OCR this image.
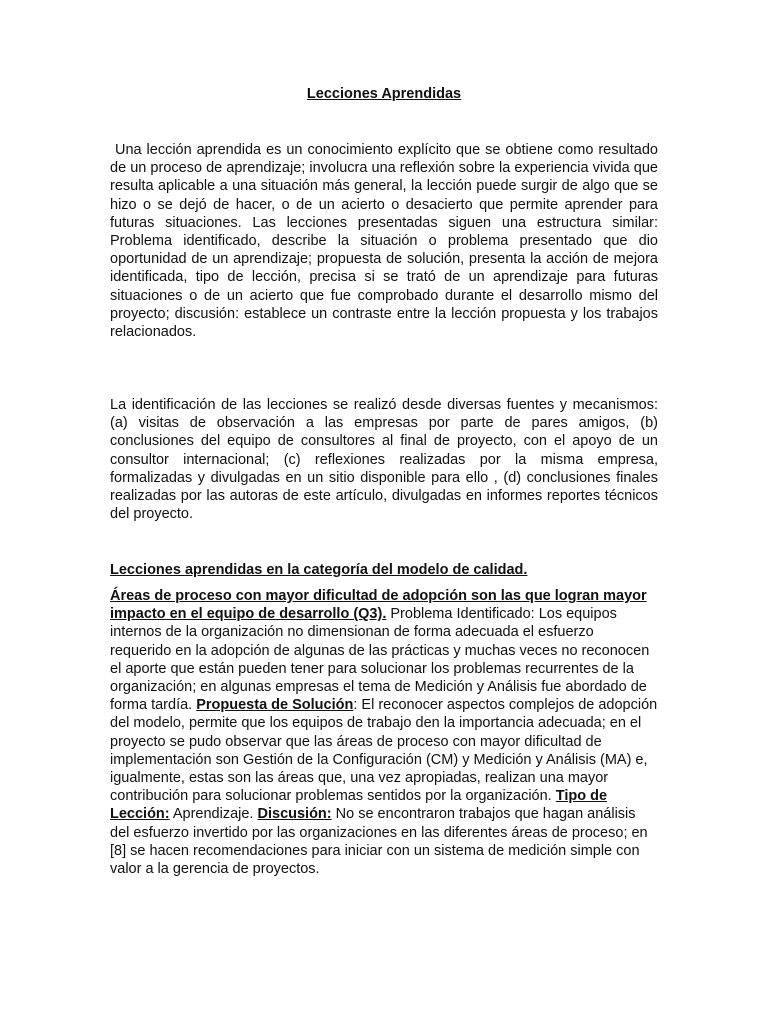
Lecciones Aprendidas
Una lección aprendida es un conocimiento explícito que se obtiene como resultado de un proceso de aprendizaje; involucra una reflexión sobre la experiencia vivida que resulta aplicable a una situación más general, la lección puede surgir de algo que se hizo o se dejó de hacer, o de un acierto o desacierto que permite aprender para futuras situaciones. Las lecciones presentadas siguen una estructura similar: Problema identificado, describe la situación o problema presentado que dio oportunidad de un aprendizaje; propuesta de solución, presenta la acción de mejora identificada, tipo de lección, precisa si se trató de un aprendizaje para futuras situaciones o de un acierto que fue comprobado durante el desarrollo mismo del proyecto; discusión: establece un contraste entre la lección propuesta y los trabajos relacionados.
La identificación de las lecciones se realizó desde diversas fuentes y mecanismos: (a) visitas de observación a las empresas por parte de pares amigos, (b) conclusiones del equipo de consultores al final de proyecto, con el apoyo de un consultor internacional; (c) reflexiones realizadas por la misma empresa, formalizadas y divulgadas en un sitio disponible para ello , (d) conclusiones finales realizadas por las autoras de este artículo, divulgadas en informes reportes técnicos del proyecto.
Lecciones aprendidas en la categoría del modelo de calidad.
Áreas de proceso con mayor dificultad de adopción son las que logran mayor impacto en el equipo de desarrollo (Q3). Problema Identificado: Los equipos internos de la organización no dimensionan de forma adecuada el esfuerzo requerido en la adopción de algunas de las prácticas y muchas veces no reconocen el aporte que están pueden tener para solucionar los problemas recurrentes de la organización; en algunas empresas el tema de Medición y Análisis fue abordado de forma tardía. Propuesta de Solución: El reconocer aspectos complejos de adopción del modelo, permite que los equipos de trabajo den la importancia adecuada; en el proyecto se pudo observar que las áreas de proceso con mayor dificultad de implementación son Gestión de la Configuración (CM) y Medición y Análisis (MA) e, igualmente, estas son las áreas que, una vez apropiadas, realizan una mayor contribución para solucionar problemas sentidos por la organización. Tipo de Lección: Aprendizaje. Discusión: No se encontraron trabajos que hagan análisis del esfuerzo invertido por las organizaciones en las diferentes áreas de proceso; en [8] se hacen recomendaciones para iniciar con un sistema de medición simple con valor a la gerencia de proyectos.
